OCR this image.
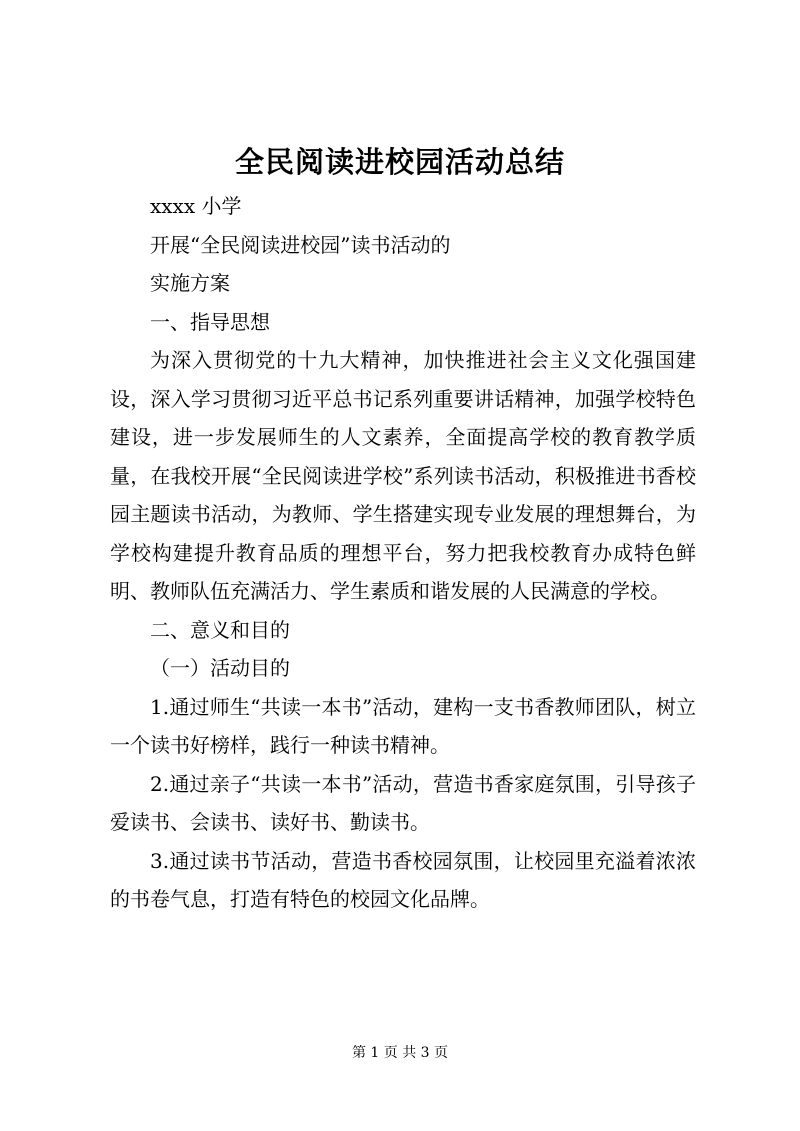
全民阅读进校园活动总结

xxxx 小学

开展“全民阅读进校园”读书活动的

实施方案

一、指导思想

为深入贯彻党的十九大精神，加快推进社会主义文化强国建设，深入学习贯彻习近平总书记系列重要讲话精神，加强学校特色建设，进一步发展师生的人文素养，全面提高学校的教育教学质量，在我校开展“全民阅读进学校”系列读书活动，积极推进书香校园主题读书活动，为教师、学生搭建实现专业发展的理想舞台，为学校构建提升教育品质的理想平台，努力把我校教育办成特色鲜明、教师队伍充满活力、学生素质和谐发展的人民满意的学校。

二、意义和目的

（一）活动目的

1.通过师生“共读一本书”活动，建构一支书香教师团队，树立一个读书好榜样，践行一种读书精神。

2.通过亲子“共读一本书”活动，营造书香家庭氛围，引导孩子爱读书、会读书、读好书、勤读书。

3.通过读书节活动，营造书香校园氛围，让校园里充溢着浓浓的书卷气息，打造有特色的校园文化品牌。

第 1 页 共 3 页
